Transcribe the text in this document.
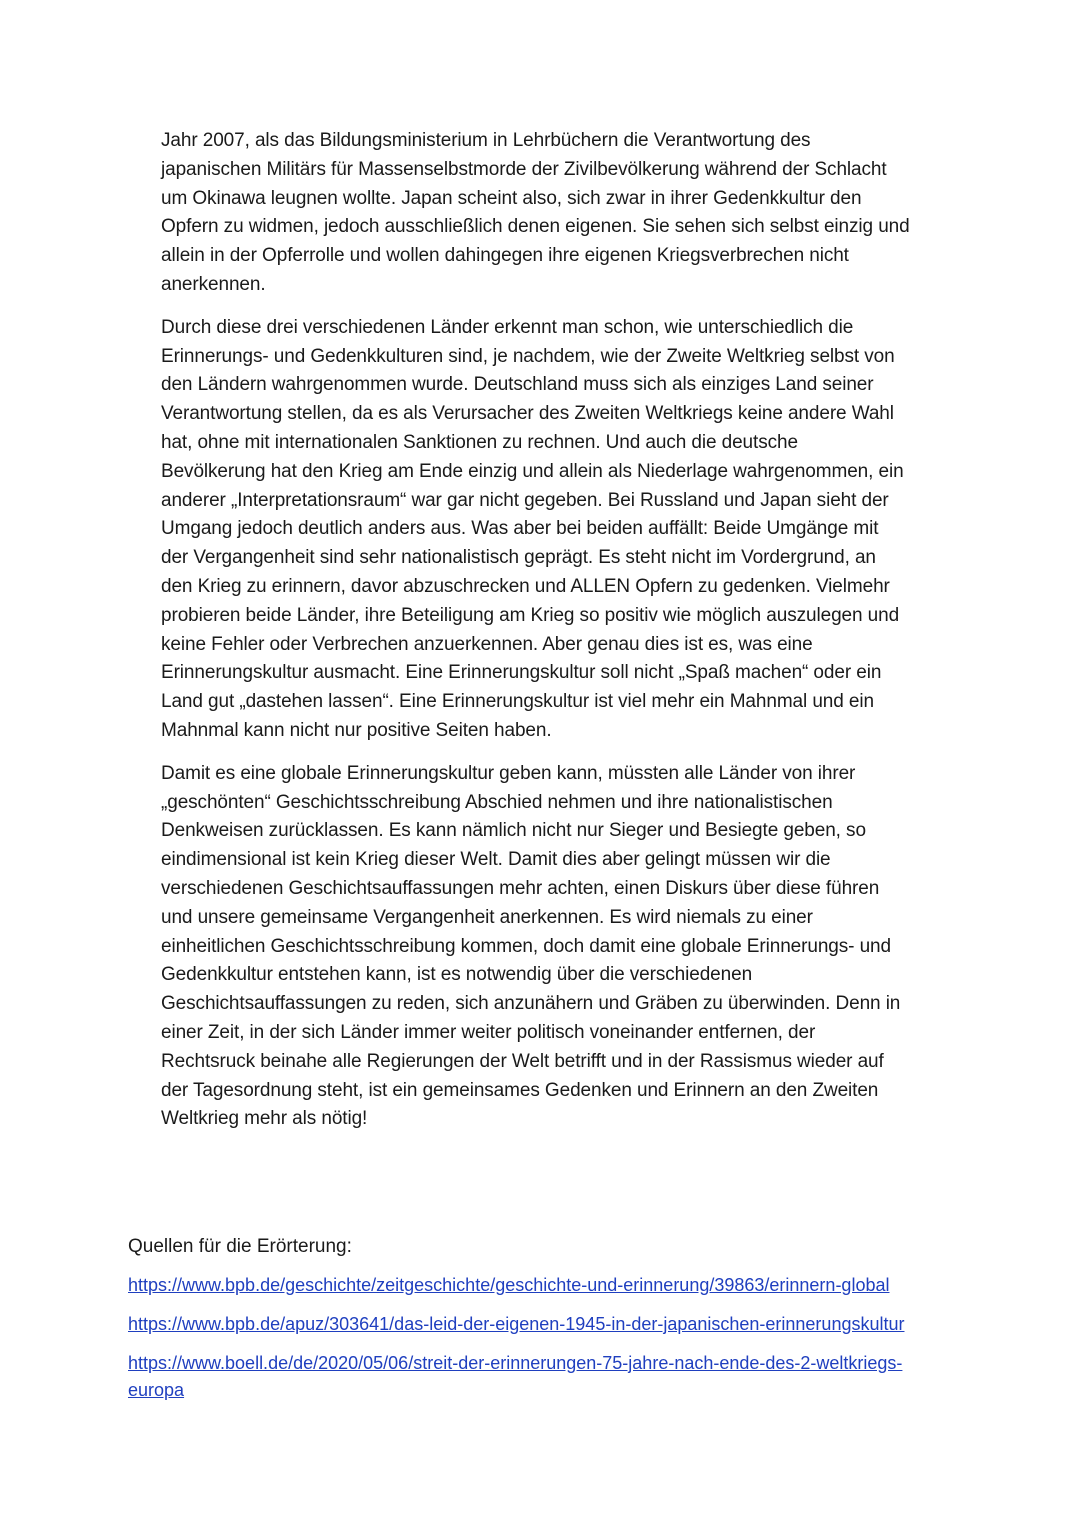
Jahr 2007, als das Bildungsministerium in Lehrbüchern die Verantwortung des
japanischen Militärs für Massenselbstmorde der Zivilbevölkerung während der Schlacht
um Okinawa leugnen wollte. Japan scheint also, sich zwar in ihrer Gedenkkultur den
Opfern zu widmen, jedoch ausschließlich denen eigenen. Sie sehen sich selbst einzig und
allein in der Opferrolle und wollen dahingegen ihre eigenen Kriegsverbrechen nicht
anerkennen.

Durch diese drei verschiedenen Länder erkennt man schon, wie unterschiedlich die
Erinnerungs- und Gedenkkulturen sind, je nachdem, wie der Zweite Weltkrieg selbst von
den Ländern wahrgenommen wurde. Deutschland muss sich als einziges Land seiner
Verantwortung stellen, da es als Verursacher des Zweiten Weltkriegs keine andere Wahl
hat, ohne mit internationalen Sanktionen zu rechnen. Und auch die deutsche
Bevölkerung hat den Krieg am Ende einzig und allein als Niederlage wahrgenommen, ein
anderer „Interpretationsraum“ war gar nicht gegeben. Bei Russland und Japan sieht der
Umgang jedoch deutlich anders aus. Was aber bei beiden auffällt: Beide Umgänge mit
der Vergangenheit sind sehr nationalistisch geprägt. Es steht nicht im Vordergrund, an
den Krieg zu erinnern, davor abzuschrecken und ALLEN Opfern zu gedenken. Vielmehr
probieren beide Länder, ihre Beteiligung am Krieg so positiv wie möglich auszulegen und
keine Fehler oder Verbrechen anzuerkennen. Aber genau dies ist es, was eine
Erinnerungskultur ausmacht. Eine Erinnerungskultur soll nicht „Spaß machen“ oder ein
Land gut „dastehen lassen“. Eine Erinnerungskultur ist viel mehr ein Mahnmal und ein
Mahnmal kann nicht nur positive Seiten haben.

Damit es eine globale Erinnerungskultur geben kann, müssten alle Länder von ihrer
„geschönten“ Geschichtsschreibung Abschied nehmen und ihre nationalistischen
Denkweisen zurücklassen. Es kann nämlich nicht nur Sieger und Besiegte geben, so
eindimensional ist kein Krieg dieser Welt. Damit dies aber gelingt müssen wir die
verschiedenen Geschichtsauffassungen mehr achten, einen Diskurs über diese führen
und unsere gemeinsame Vergangenheit anerkennen. Es wird niemals zu einer
einheitlichen Geschichtsschreibung kommen, doch damit eine globale Erinnerungs- und
Gedenkkultur entstehen kann, ist es notwendig über die verschiedenen
Geschichtsauffassungen zu reden, sich anzunähern und Gräben zu überwinden. Denn in
einer Zeit, in der sich Länder immer weiter politisch voneinander entfernen, der
Rechtsruck beinahe alle Regierungen der Welt betrifft und in der Rassismus wieder auf
der Tagesordnung steht, ist ein gemeinsames Gedenken und Erinnern an den Zweiten
Weltkrieg mehr als nötig!

Quellen für die Erörterung:
https://www.bpb.de/geschichte/zeitgeschichte/geschichte-und-erinnerung/39863/erinnern-global
https://www.bpb.de/apuz/303641/das-leid-der-eigenen-1945-in-der-japanischen-erinnerungskultur
https://www.boell.de/de/2020/05/06/streit-der-erinnerungen-75-jahre-nach-ende-des-2-weltkriegs-
europa
